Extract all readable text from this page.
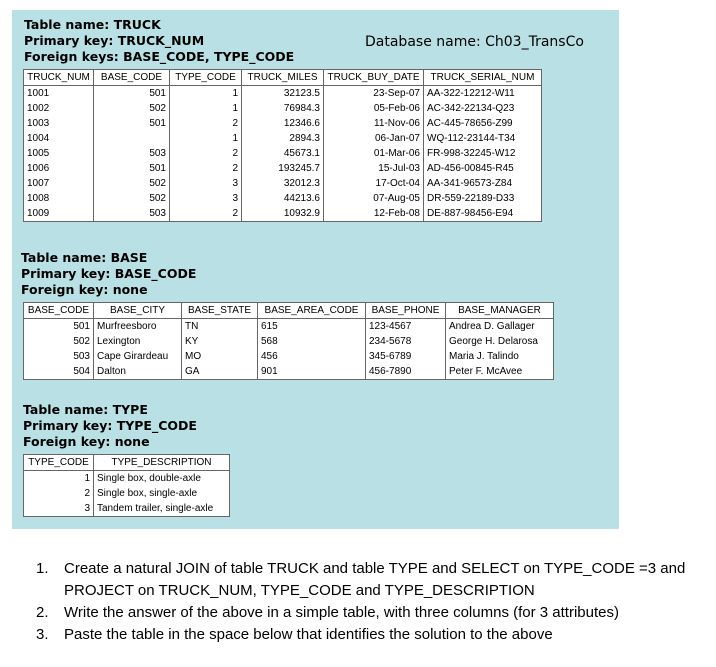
Table name: TRUCK
Primary key: TRUCK_NUM
Foreign keys: BASE_CODE, TYPE_CODE
Database name: Ch03_TransCo
TRUCK_NUM	BASE_CODE	TYPE_CODE	TRUCK_MILES	TRUCK_BUY_DATE	TRUCK_SERIAL_NUM
1001	501	1	32123.5	23-Sep-07	AA-322-12212-W11
1002	502	1	76984.3	05-Feb-06	AC-342-22134-Q23
1003	501	2	12346.6	11-Nov-06	AC-445-78656-Z99
1004		1	2894.3	06-Jan-07	WQ-112-23144-T34
1005	503	2	45673.1	01-Mar-06	FR-998-32245-W12
1006	501	2	193245.7	15-Jul-03	AD-456-00845-R45
1007	502	3	32012.3	17-Oct-04	AA-341-96573-Z84
1008	502	3	44213.6	07-Aug-05	DR-559-22189-D33
1009	503	2	10932.9	12-Feb-08	DE-887-98456-E94
Table name: BASE
Primary key: BASE_CODE
Foreign key: none
BASE_CODE	BASE_CITY	BASE_STATE	BASE_AREA_CODE	BASE_PHONE	BASE_MANAGER
501	Murfreesboro	TN	615	123-4567	Andrea D. Gallager
502	Lexington	KY	568	234-5678	George H. Delarosa
503	Cape Girardeau	MO	456	345-6789	Maria J. Talindo
504	Dalton	GA	901	456-7890	Peter F. McAvee
Table name: TYPE
Primary key: TYPE_CODE
Foreign key: none
TYPE_CODE	TYPE_DESCRIPTION
1	Single box, double-axle
2	Single box, single-axle
3	Tandem trailer, single-axle
1.	Create a natural JOIN of table TRUCK and table TYPE and SELECT on TYPE_CODE =3 and PROJECT on TRUCK_NUM, TYPE_CODE and TYPE_DESCRIPTION
2.	Write the answer of the above in a simple table, with three columns (for 3 attributes)
3.	Paste the table in the space below that identifies the solution to the above
